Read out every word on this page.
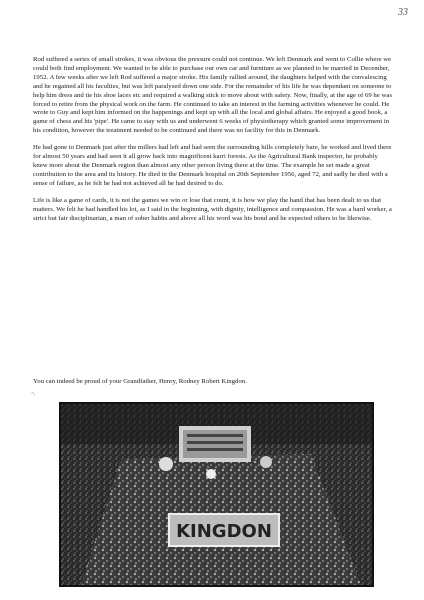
33

Rod suffered a series of small strokes, it was obvious the pressure could not continue. We left Denmark and went to Collie where we could both find employment. We wanted to be able to purchase our own car and furniture as we planned to be married in December, 1952. A few weeks after we left Rod suffered a major stroke. His family rallied around, the daughters helped with the convalescing and he regained all his faculties, but was left paralysed down one side. For the remainder of his life he was dependant on someone to help him dress and tie his shoe laces etc and required a walking stick to move about with safety. Now, finally, at the age of 69 he was forced to retire from the physical work on the farm. He continued to take an interest in the farming activities whenever he could. He wrote to Guy and kept him informed on the happenings and kept up with all the local and global affairs. He enjoyed a good book, a game of chess and his 'pipe'. He came to stay with us and underwent 6 weeks of physiotherapy which granted some improvement in his condition, however the treatment needed to be continued and there was no facility for this in Denmark.

He had gone to Denmark just after the millers had left and had seen the surrounding hills completely bare, he worked and lived there for almost 50 years and had seen it all grow back into magnificent karri forests. As the Agricultural Bank inspector, he probably knew more about the Denmark region than almost any other person living there at the time. The example he set made a great contribution to the area and its history. He died in the Denmark hospital on 20th September 1956, aged 72, and sadly he died with a sense of failure, as he felt he had not achieved all he had desired to do.

Life is like a game of cards, it is not the games we win or lose that count, it is how we play the hand that has been dealt to us that matters. We felt he had handled his lot, as I said in the beginning, with dignity, intelligence and compassion. He was a hard worker, a strict but fair disciplinarian, a man of sober habits and above all his word was his bond and he expected others to be likewise.

You can indeed be proud of your Grandfather, Henry, Rodney Robert Kingdon.
’\
KINGDON
